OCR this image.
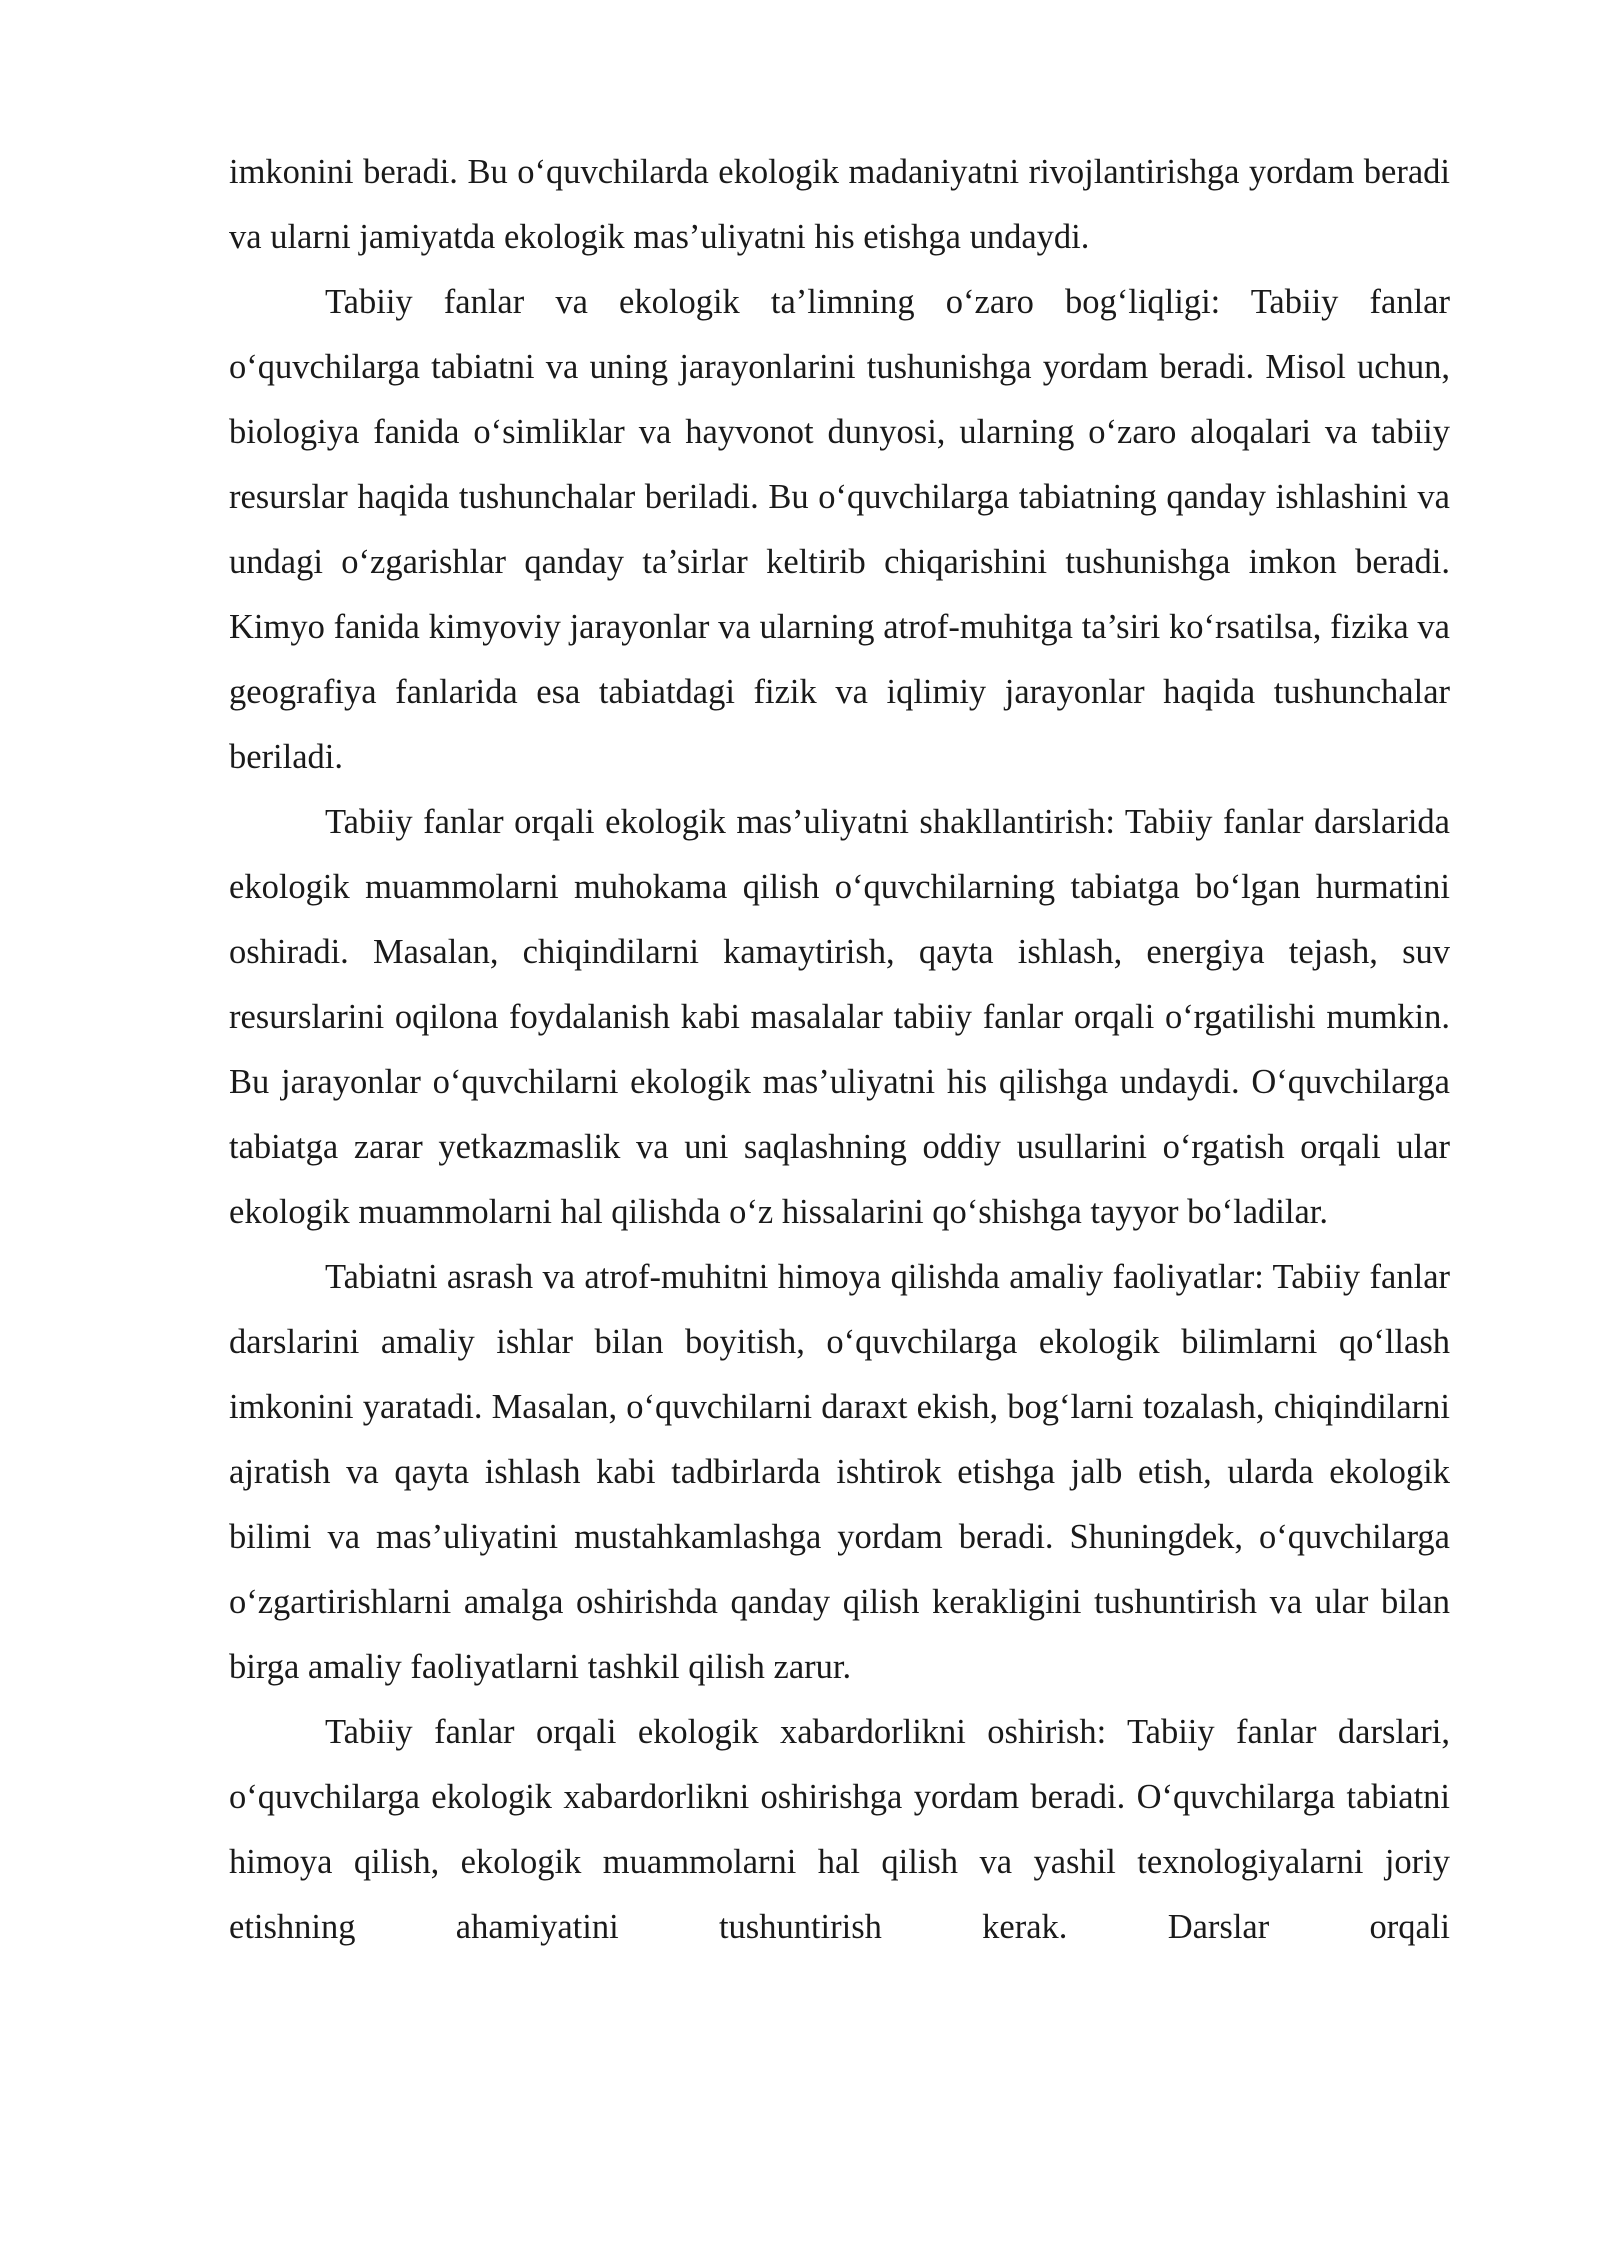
imkonini beradi. Bu o‘quvchilarda ekologik madaniyatni rivojlantirishga yordam beradi va ularni jamiyatda ekologik mas’uliyatni his etishga undaydi.

Tabiiy fanlar va ekologik ta’limning o‘zaro bog‘liqligi: Tabiiy fanlar o‘quvchilarga tabiatni va uning jarayonlarini tushunishga yordam beradi. Misol uchun, biologiya fanida o‘simliklar va hayvonot dunyosi, ularning o‘zaro aloqalari va tabiiy resurslar haqida tushunchalar beriladi. Bu o‘quvchilarga tabiatning qanday ishlashini va undagi o‘zgarishlar qanday ta’sirlar keltirib chiqarishini tushunishga imkon beradi. Kimyo fanida kimyoviy jarayonlar va ularning atrof-muhitga ta’siri ko‘rsatilsa, fizika va geografiya fanlarida esa tabiatdagi fizik va iqlimiy jarayonlar haqida tushunchalar beriladi.

Tabiiy fanlar orqali ekologik mas’uliyatni shakllantirish: Tabiiy fanlar darslarida ekologik muammolarni muhokama qilish o‘quvchilarning tabiatga bo‘lgan hurmatini oshiradi. Masalan, chiqindilarni kamaytirish, qayta ishlash, energiya tejash, suv resurslarini oqilona foydalanish kabi masalalar tabiiy fanlar orqali o‘rgatilishi mumkin. Bu jarayonlar o‘quvchilarni ekologik mas’uliyatni his qilishga undaydi. O‘quvchilarga tabiatga zarar yetkazmaslik va uni saqlashning oddiy usullarini o‘rgatish orqali ular ekologik muammolarni hal qilishda o‘z hissalarini qo‘shishga tayyor bo‘ladilar.

Tabiatni asrash va atrof-muhitni himoya qilishda amaliy faoliyatlar: Tabiiy fanlar darslarini amaliy ishlar bilan boyitish, o‘quvchilarga ekologik bilimlarni qo‘llash imkonini yaratadi. Masalan, o‘quvchilarni daraxt ekish, bog‘larni tozalash, chiqindilarni ajratish va qayta ishlash kabi tadbirlarda ishtirok etishga jalb etish, ularda ekologik bilimi va mas’uliyatini mustahkamlashga yordam beradi. Shuningdek, o‘quvchilarga o‘zgartirishlarni amalga oshirishda qanday qilish kerakligini tushuntirish va ular bilan birga amaliy faoliyatlarni tashkil qilish zarur.

Tabiiy fanlar orqali ekologik xabardorlikni oshirish: Tabiiy fanlar darslari, o‘quvchilarga ekologik xabardorlikni oshirishga yordam beradi. O‘quvchilarga tabiatni himoya qilish, ekologik muammolarni hal qilish va yashil texnologiyalarni joriy etishning ahamiyatini tushuntirish kerak. Darslar orqali
